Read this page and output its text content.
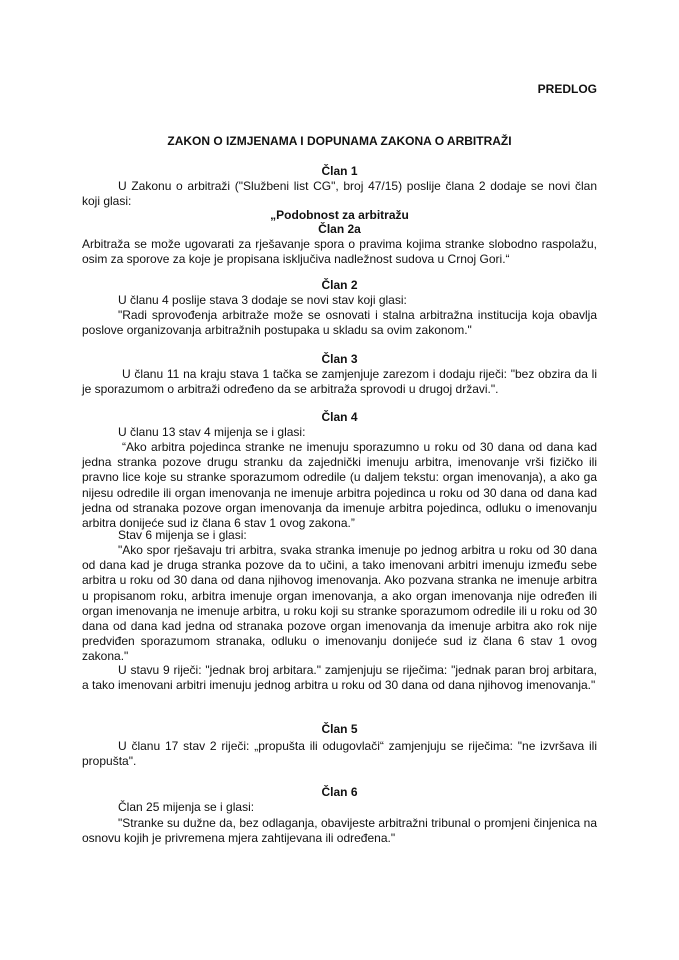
PREDLOG
ZAKON O IZMJENAMA I DOPUNAMA ZAKONA O ARBITRAŽI
Član 1
U Zakonu o arbitraži ("Službeni list CG", broj 47/15) poslije člana 2 dodaje se novi član koji glasi:
„Podobnost za arbitražu
Član 2a
Arbitraža se može ugovarati za rješavanje spora o pravima kojima stranke slobodno raspolažu, osim za sporove za koje je propisana isključiva nadležnost sudova u Crnoj Gori.“
Član 2
U članu 4 poslije stava 3 dodaje se novi stav koji glasi:
"Radi sprovođenja arbitraže može se osnovati i stalna arbitražna institucija koja obavlja poslove organizovanja arbitražnih postupaka u skladu sa ovim zakonom."
Član 3
U članu 11 na kraju stava 1 tačka se zamjenjuje zarezom i dodaju riječi: "bez obzira da li je sporazumom o arbitraži određeno da se arbitraža sprovodi u drugoj državi.".
Član 4
U članu 13 stav 4 mijenja se i glasi:
“Ako arbitra pojedinca stranke ne imenuju sporazumno u roku od 30 dana od dana kad jedna stranka pozove drugu stranku da zajednički imenuju arbitra, imenovanje vrši fizičko ili pravno lice koje su stranke sporazumom odredile (u daljem tekstu: organ imenovanja), a ako ga nijesu odredile ili organ imenovanja ne imenuje arbitra pojedinca u roku od 30 dana od dana kad jedna od stranaka pozove organ imenovanja da imenuje arbitra pojedinca, odluku o imenovanju arbitra donijeće sud iz člana 6 stav 1 ovog zakona.”
Stav 6 mijenja se i glasi:
"Ako spor rješavaju tri arbitra, svaka stranka imenuje po jednog arbitra u roku od 30 dana od dana kad je druga stranka pozove da to učini, a tako imenovani arbitri imenuju između sebe arbitra u roku od 30 dana od dana njihovog imenovanja. Ako pozvana stranka ne imenuje arbitra u propisanom roku, arbitra imenuje organ imenovanja, a ako organ imenovanja nije određen ili organ imenovanja ne imenuje arbitra, u roku koji su stranke sporazumom odredile ili u roku od 30 dana od dana kad jedna od stranaka pozove organ imenovanja da imenuje arbitra ako rok nije predviđen sporazumom stranaka, odluku o imenovanju donijeće sud iz člana 6 stav 1 ovog zakona."
U stavu 9 riječi: "jednak broj arbitara." zamjenjuju se riječima: "jednak paran broj arbitara, a tako imenovani arbitri imenuju jednog arbitra u roku od 30 dana od dana njihovog imenovanja."
Član 5
U članu 17 stav 2 riječi: „propušta ili odugovlači“ zamjenjuju se riječima: "ne izvršava ili propušta".
Član 6
Član 25 mijenja se i glasi:
"Stranke su dužne da, bez odlaganja, obavijeste arbitražni tribunal o promjeni činjenica na osnovu kojih je privremena mjera zahtijevana ili određena."
